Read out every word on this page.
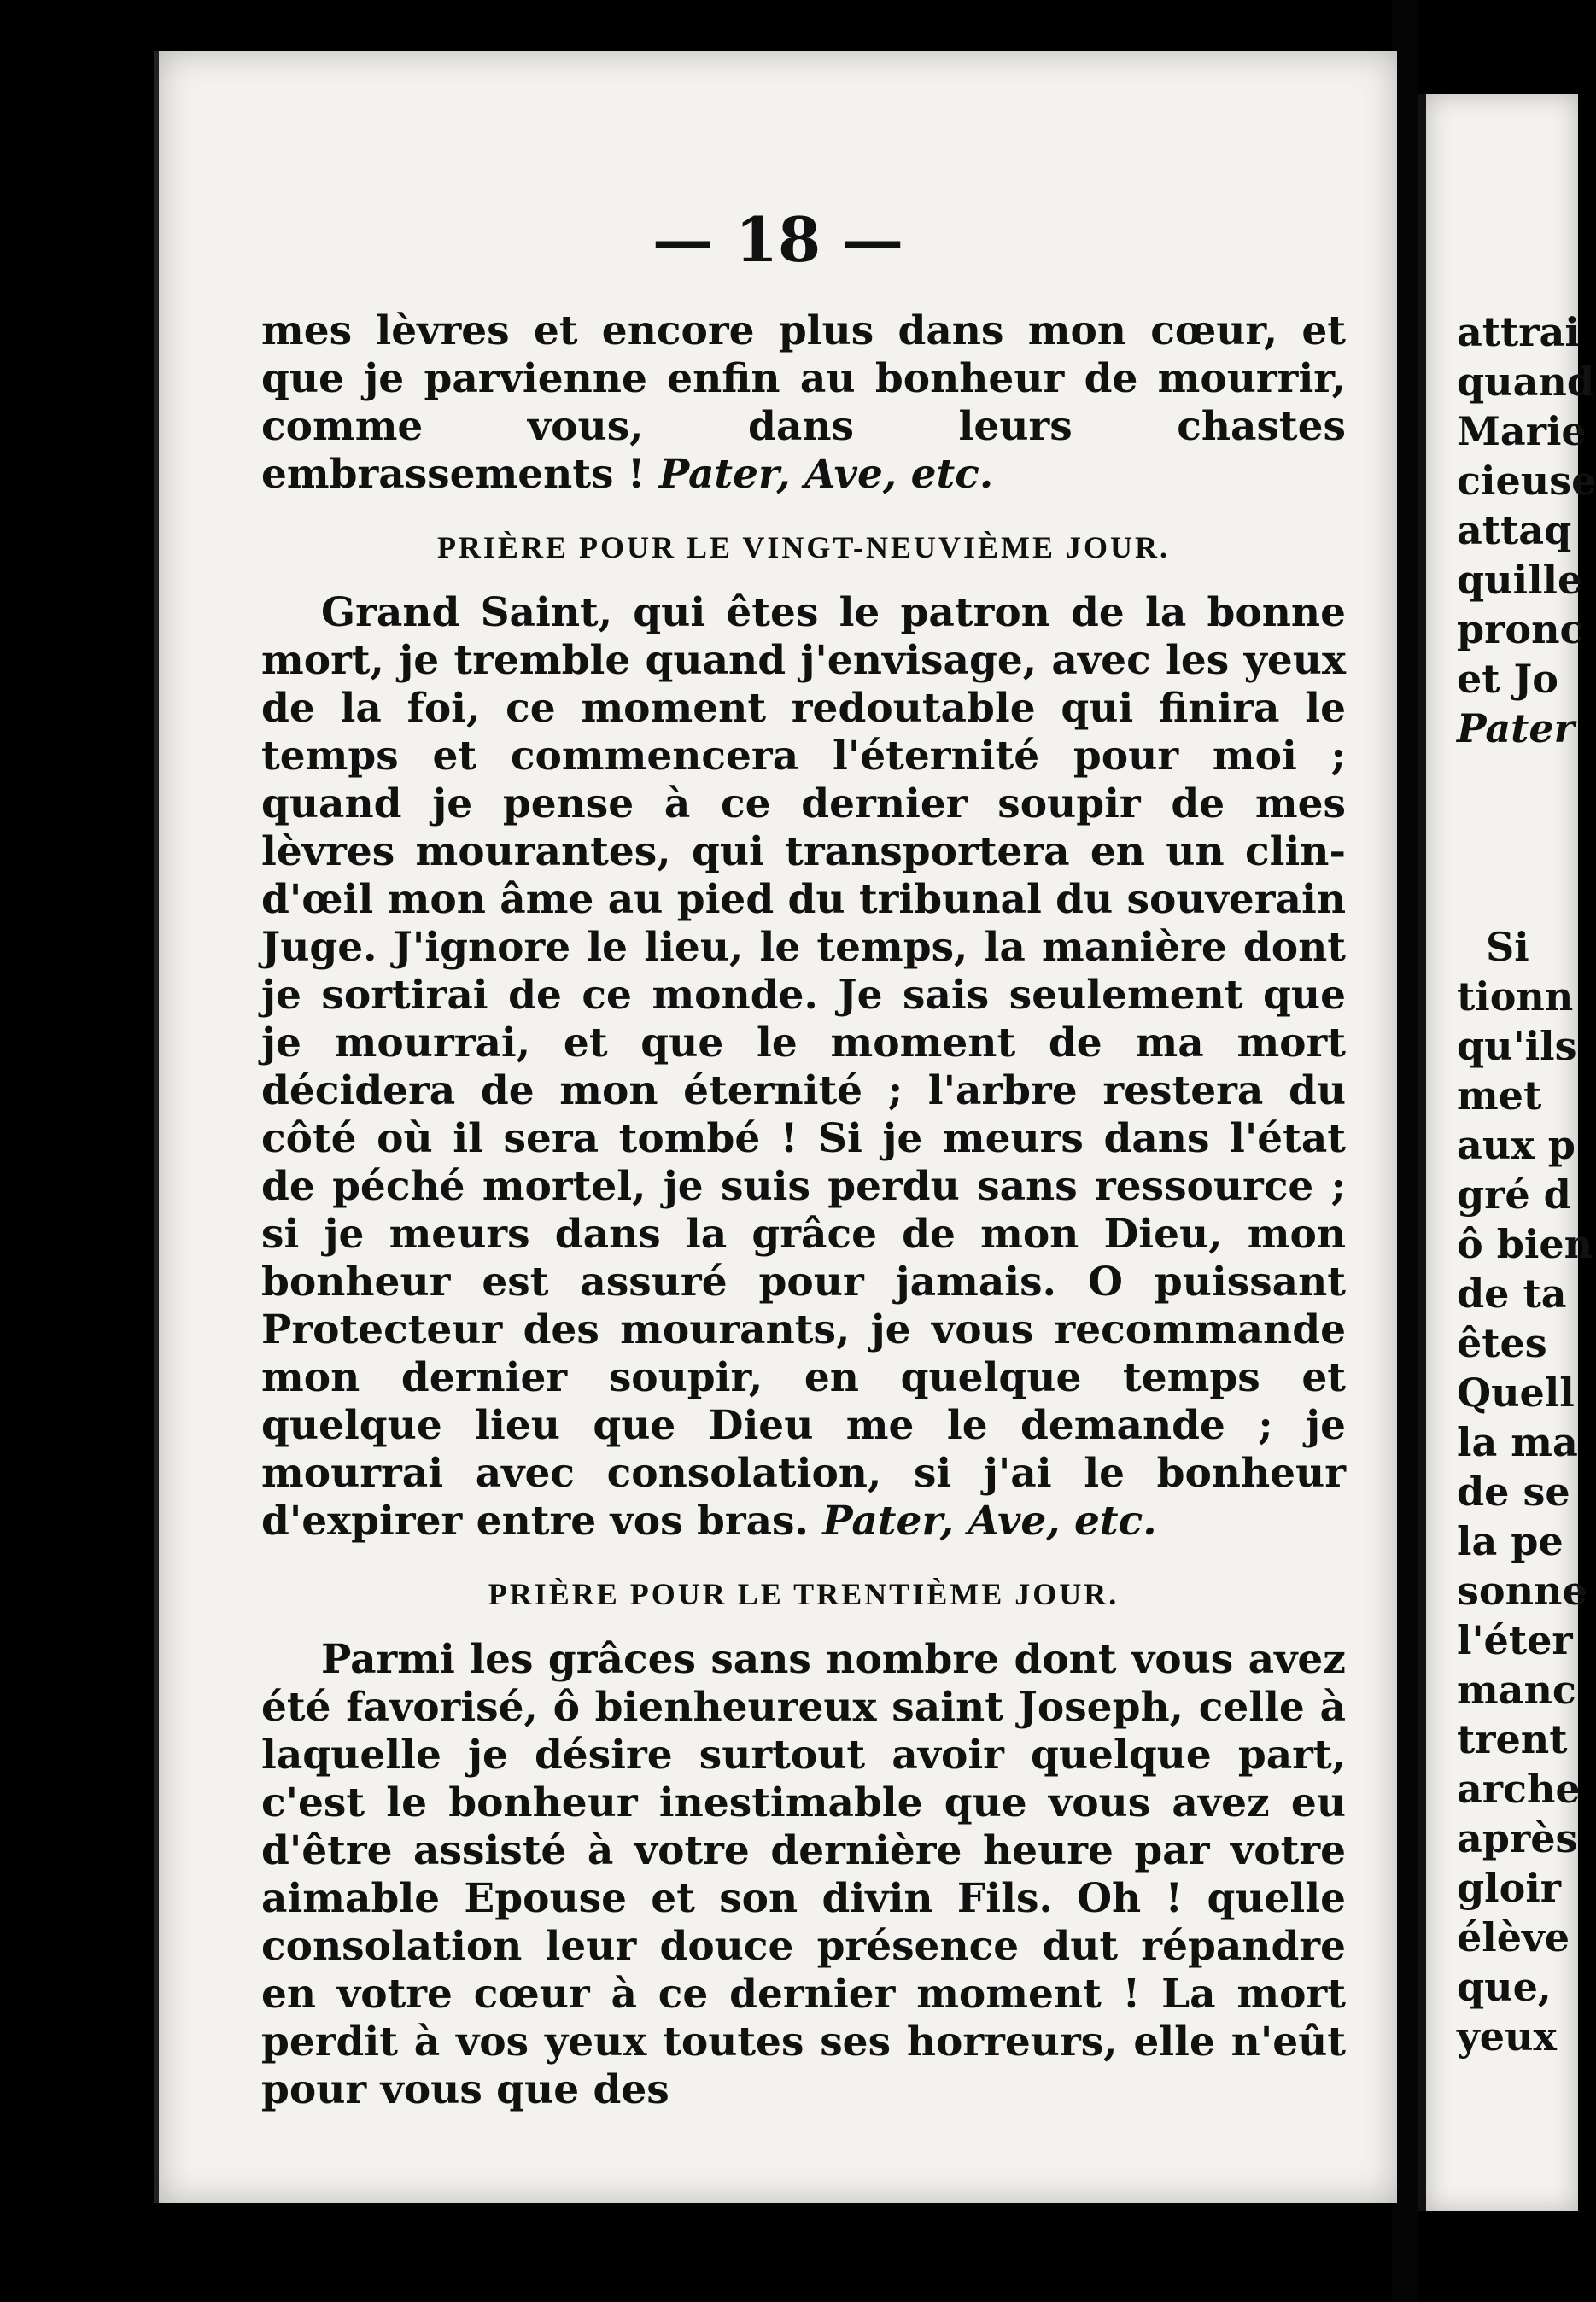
— 18 —

mes lèvres et encore plus dans mon cœur, et que je parvienne enfin au bonheur de mourrir, comme vous, dans leurs chastes embrassements ! Pater, Ave, etc.

PRIÈRE POUR LE VINGT-NEUVIÈME JOUR.

Grand Saint, qui êtes le patron de la bonne mort, je tremble quand j'envisage, avec les yeux de la foi, ce moment redoutable qui finira le temps et commencera l'éternité pour moi ; quand je pense à ce dernier soupir de mes lèvres mourantes, qui transportera en un clin-d'œil mon âme au pied du tribunal du souverain Juge. J'ignore le lieu, le temps, la manière dont je sortirai de ce monde. Je sais seulement que je mourrai, et que le moment de ma mort décidera de mon éternité ; l'arbre restera du côté où il sera tombé ! Si je meurs dans l'état de péché mortel, je suis perdu sans ressource ; si je meurs dans la grâce de mon Dieu, mon bonheur est assuré pour jamais. O puissant Protecteur des mourants, je vous recommande mon dernier soupir, en quelque temps et quelque lieu que Dieu me le demande ; je mourrai avec consolation, si j'ai le bonheur d'expirer entre vos bras. Pater, Ave, etc.

PRIÈRE POUR LE TRENTIÈME JOUR.

Parmi les grâces sans nombre dont vous avez été favorisé, ô bienheureux saint Joseph, celle à laquelle je désire surtout avoir quelque part, c'est le bonheur inestimable que vous avez eu d'être assisté à votre dernière heure par votre aimable Epouse et son divin Fils. Oh ! quelle consolation leur douce présence dut répandre en votre cœur à ce dernier moment ! La mort perdit à vos yeux toutes ses horreurs, elle n'eût pour vous que des

attrai
quand
Marie
cieuse
attaq
quille
pronc
et Jo
Pater
Si
tionn
qu'ils
met
aux p
gré d
ô bien
de ta
êtes
Quell
la ma
de se
la pe
sonne
l'éter
manc
trent
arche
après
gloir
élève
que,
yeux
